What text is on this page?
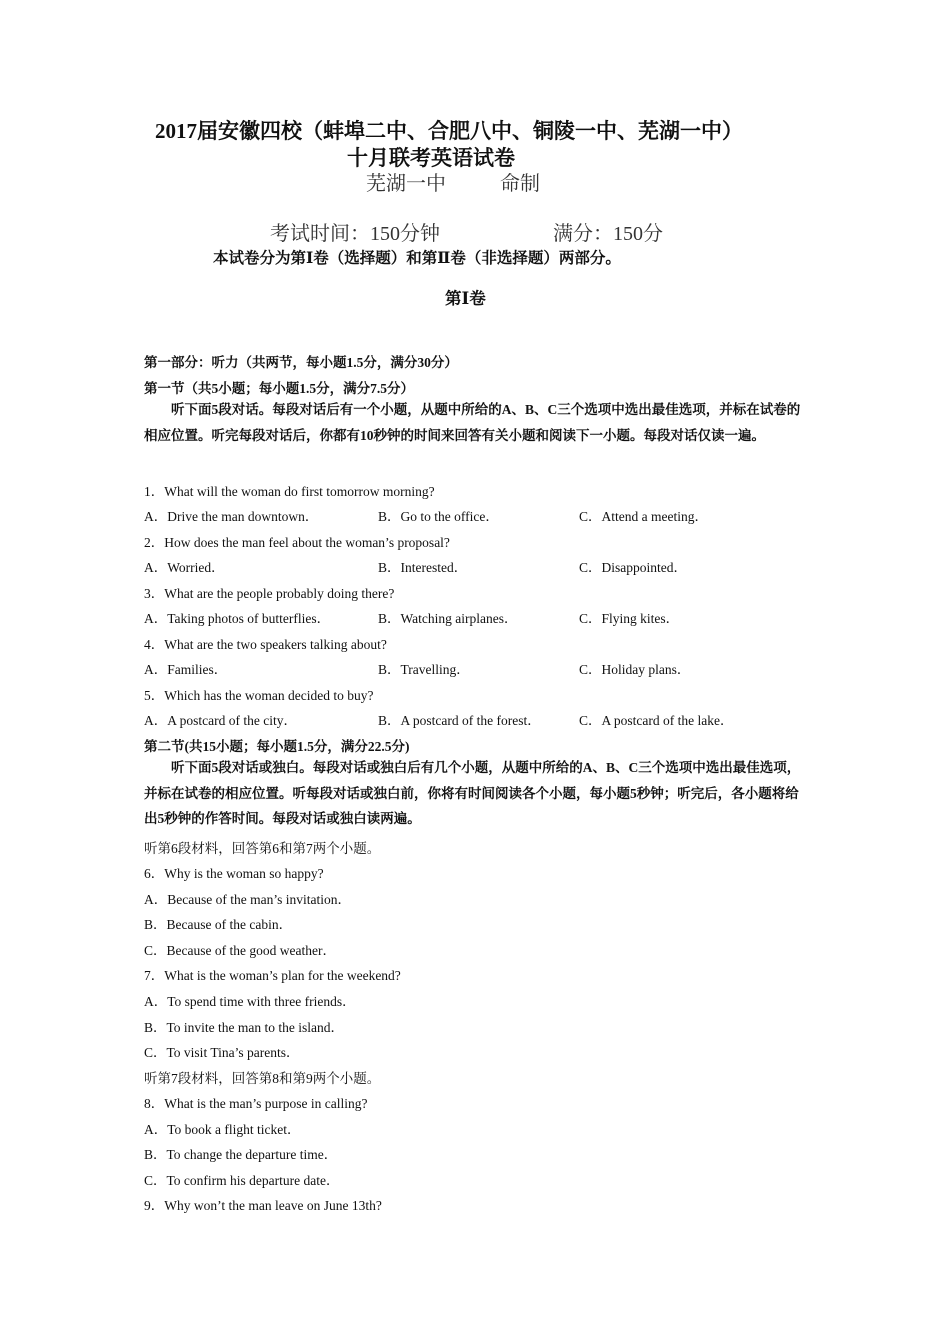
2017届安徽四校（蚌埠二中、合肥八中、铜陵一中、芜湖一中）
十月联考英语试卷
芜湖一中	命制
考试时间：150分钟	满分：150分
本试卷分为第Ⅰ卷（选择题）和第Ⅱ卷（非选择题）两部分。
第Ⅰ卷
第一部分：听力（共两节，每小题1.5分，满分30分）
第一节（共5小题；每小题1.5分，满分7.5分）
听下面5段对话。每段对话后有一个小题，从题中所给的A、B、C三个选项中选出最佳选项，并标在试卷的相应位置。听完每段对话后，你都有10秒钟的时间来回答有关小题和阅读下一小题。每段对话仅读一遍。
1．What will the woman do first tomorrow morning?
A．Drive the man downtown．	B．Go to the office．	C．Attend a meeting．
2．How does the man feel about the woman’s proposal?
A．Worried．	B．Interested．	C．Disappointed．
3．What are the people probably doing there?
A．Taking photos of butterflies．	B．Watching airplanes．	C．Flying kites．
4．What are the two speakers talking about?
A．Families．	B．Travelling．	C．Holiday plans．
5．Which has the woman decided to buy?
A．A postcard of the city．	B．A postcard of the forest．	C．A postcard of the lake．
第二节(共15小题；每小题1.5分，满分22.5分)
听下面5段对话或独白。每段对话或独白后有几个小题，从题中所给的A、B、C三个选项中选出最佳选项，并标在试卷的相应位置。听每段对话或独白前，你将有时间阅读各个小题，每小题5秒钟；听完后，各小题将给出5秒钟的作答时间。每段对话或独白读两遍。
听第6段材料，回答第6和第7两个小题。
6．Why is the woman so happy?
A．Because of the man’s invitation．
B．Because of the cabin．
C．Because of the good weather．
7．What is the woman’s plan for the weekend?
A．To spend time with three friends．
B．To invite the man to the island．
C．To visit Tina’s parents．
听第7段材料，回答第8和第9两个小题。
8．What is the man’s purpose in calling?
A．To book a flight ticket．
B．To change the departure time．
C．To confirm his departure date．
9．Why won’t the man leave on June 13th?
